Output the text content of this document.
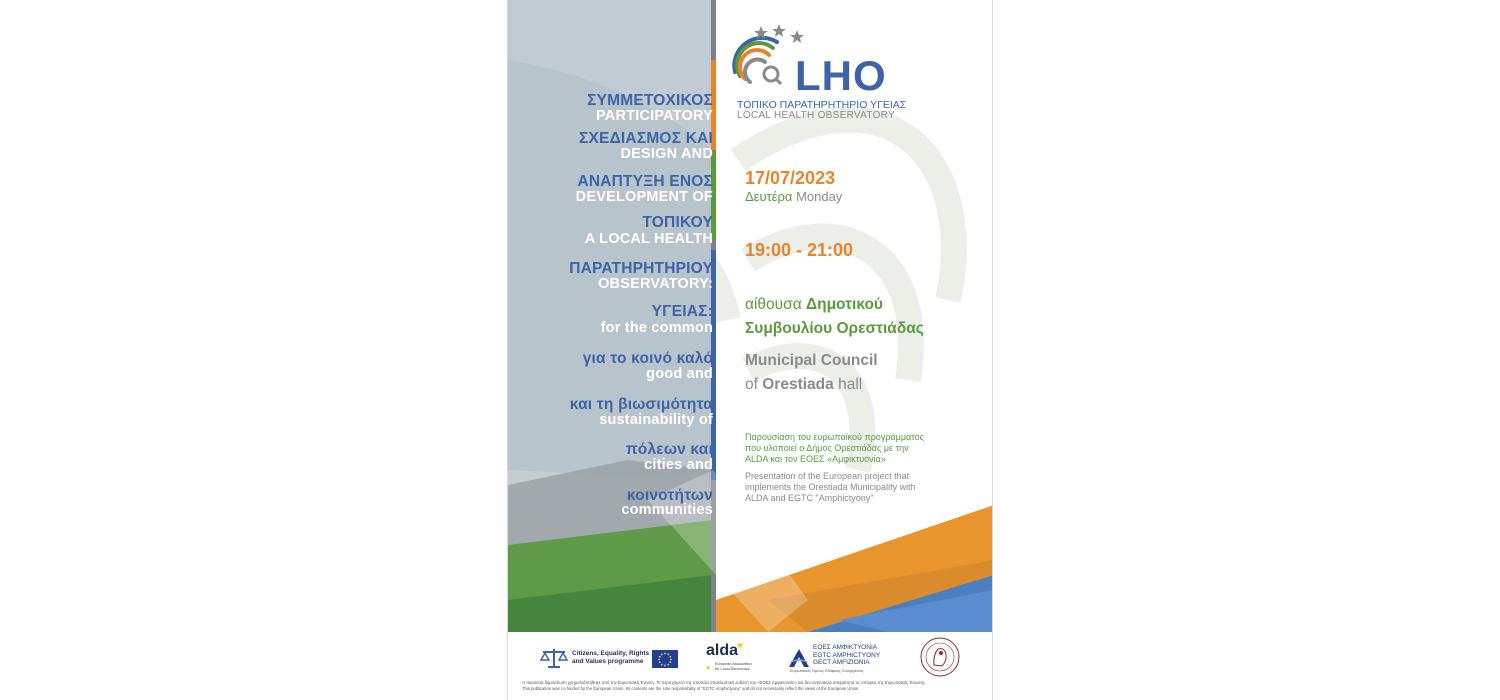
ΣΥΜΜΕΤΟΧΙΚΟΣ
PARTICIPATORY
ΣΧΕΔΙΑΣΜΟΣ ΚΑΙ
DESIGN AND
ΑΝΑΠΤΥΞΗ ΕΝΟΣ
DEVELOPMENT OF
ΤΟΠΙΚΟΥ
A LOCAL HEALTH
ΠΑΡΑΤΗΡΗΤΗΡΙΟΥ
OBSERVATORY:
ΥΓΕΙΑΣ:
for the common
για το κοινό καλό
good and
και τη βιωσιμότητα
sustainability of
πόλεων και
cities and
κοινοτήτων
communities
LHO
ΤΟΠΙΚΟ ΠΑΡΑΤΗΡΗΤΗΡΙΟ ΥΓΕΙΑΣ
LOCAL HEALTH OBSERVATORY
17/07/2023
Δευτέρα Monday
19:00 - 21:00
αίθουσα Δημοτικού
Συμβουλίου Ορεστιάδας
Municipal Council
of Orestiada hall
Παρουσίαση του ευρωπαϊκού προγράμματος
που υλοποιεί ο Δήμος Ορεστιάδας με την
ALDA και τον ΕΟΕΣ «Αμφικτυονία»
Presentation of the European project that
implements the Orestiada Municipality with
ALDA and EGTC "Amphictyony"
Citizens, Equality, Rights
and Values programme
alda
★
European Association
for Local Democracy
★
ΕΟΕΣ ΑΜΦΙΚΤΥΟΝΙΑ
EGTC AMPHICTYONY
GECT AMFIZIONIA
Ευρωπαϊκός Όμιλος Εδαφικής Συνεργασίας
Η παρούσα δημοσίευση χρηματοδοτήθηκε από την Ευρωπαϊκή Ένωση. Το περιεχόμενό της αποτελεί αποκλειστική ευθύνη του «ΕΟΕΣ Αμφικτυονία» και δεν αντανακλά απαραίτητα τις απόψεις της Ευρωπαϊκής Ένωσης.
This publication was co-funded by the European Union. Its contents are the sole responsibility of "EGTC Amphictyony" and do not necessarily reflect the views of the European Union.
